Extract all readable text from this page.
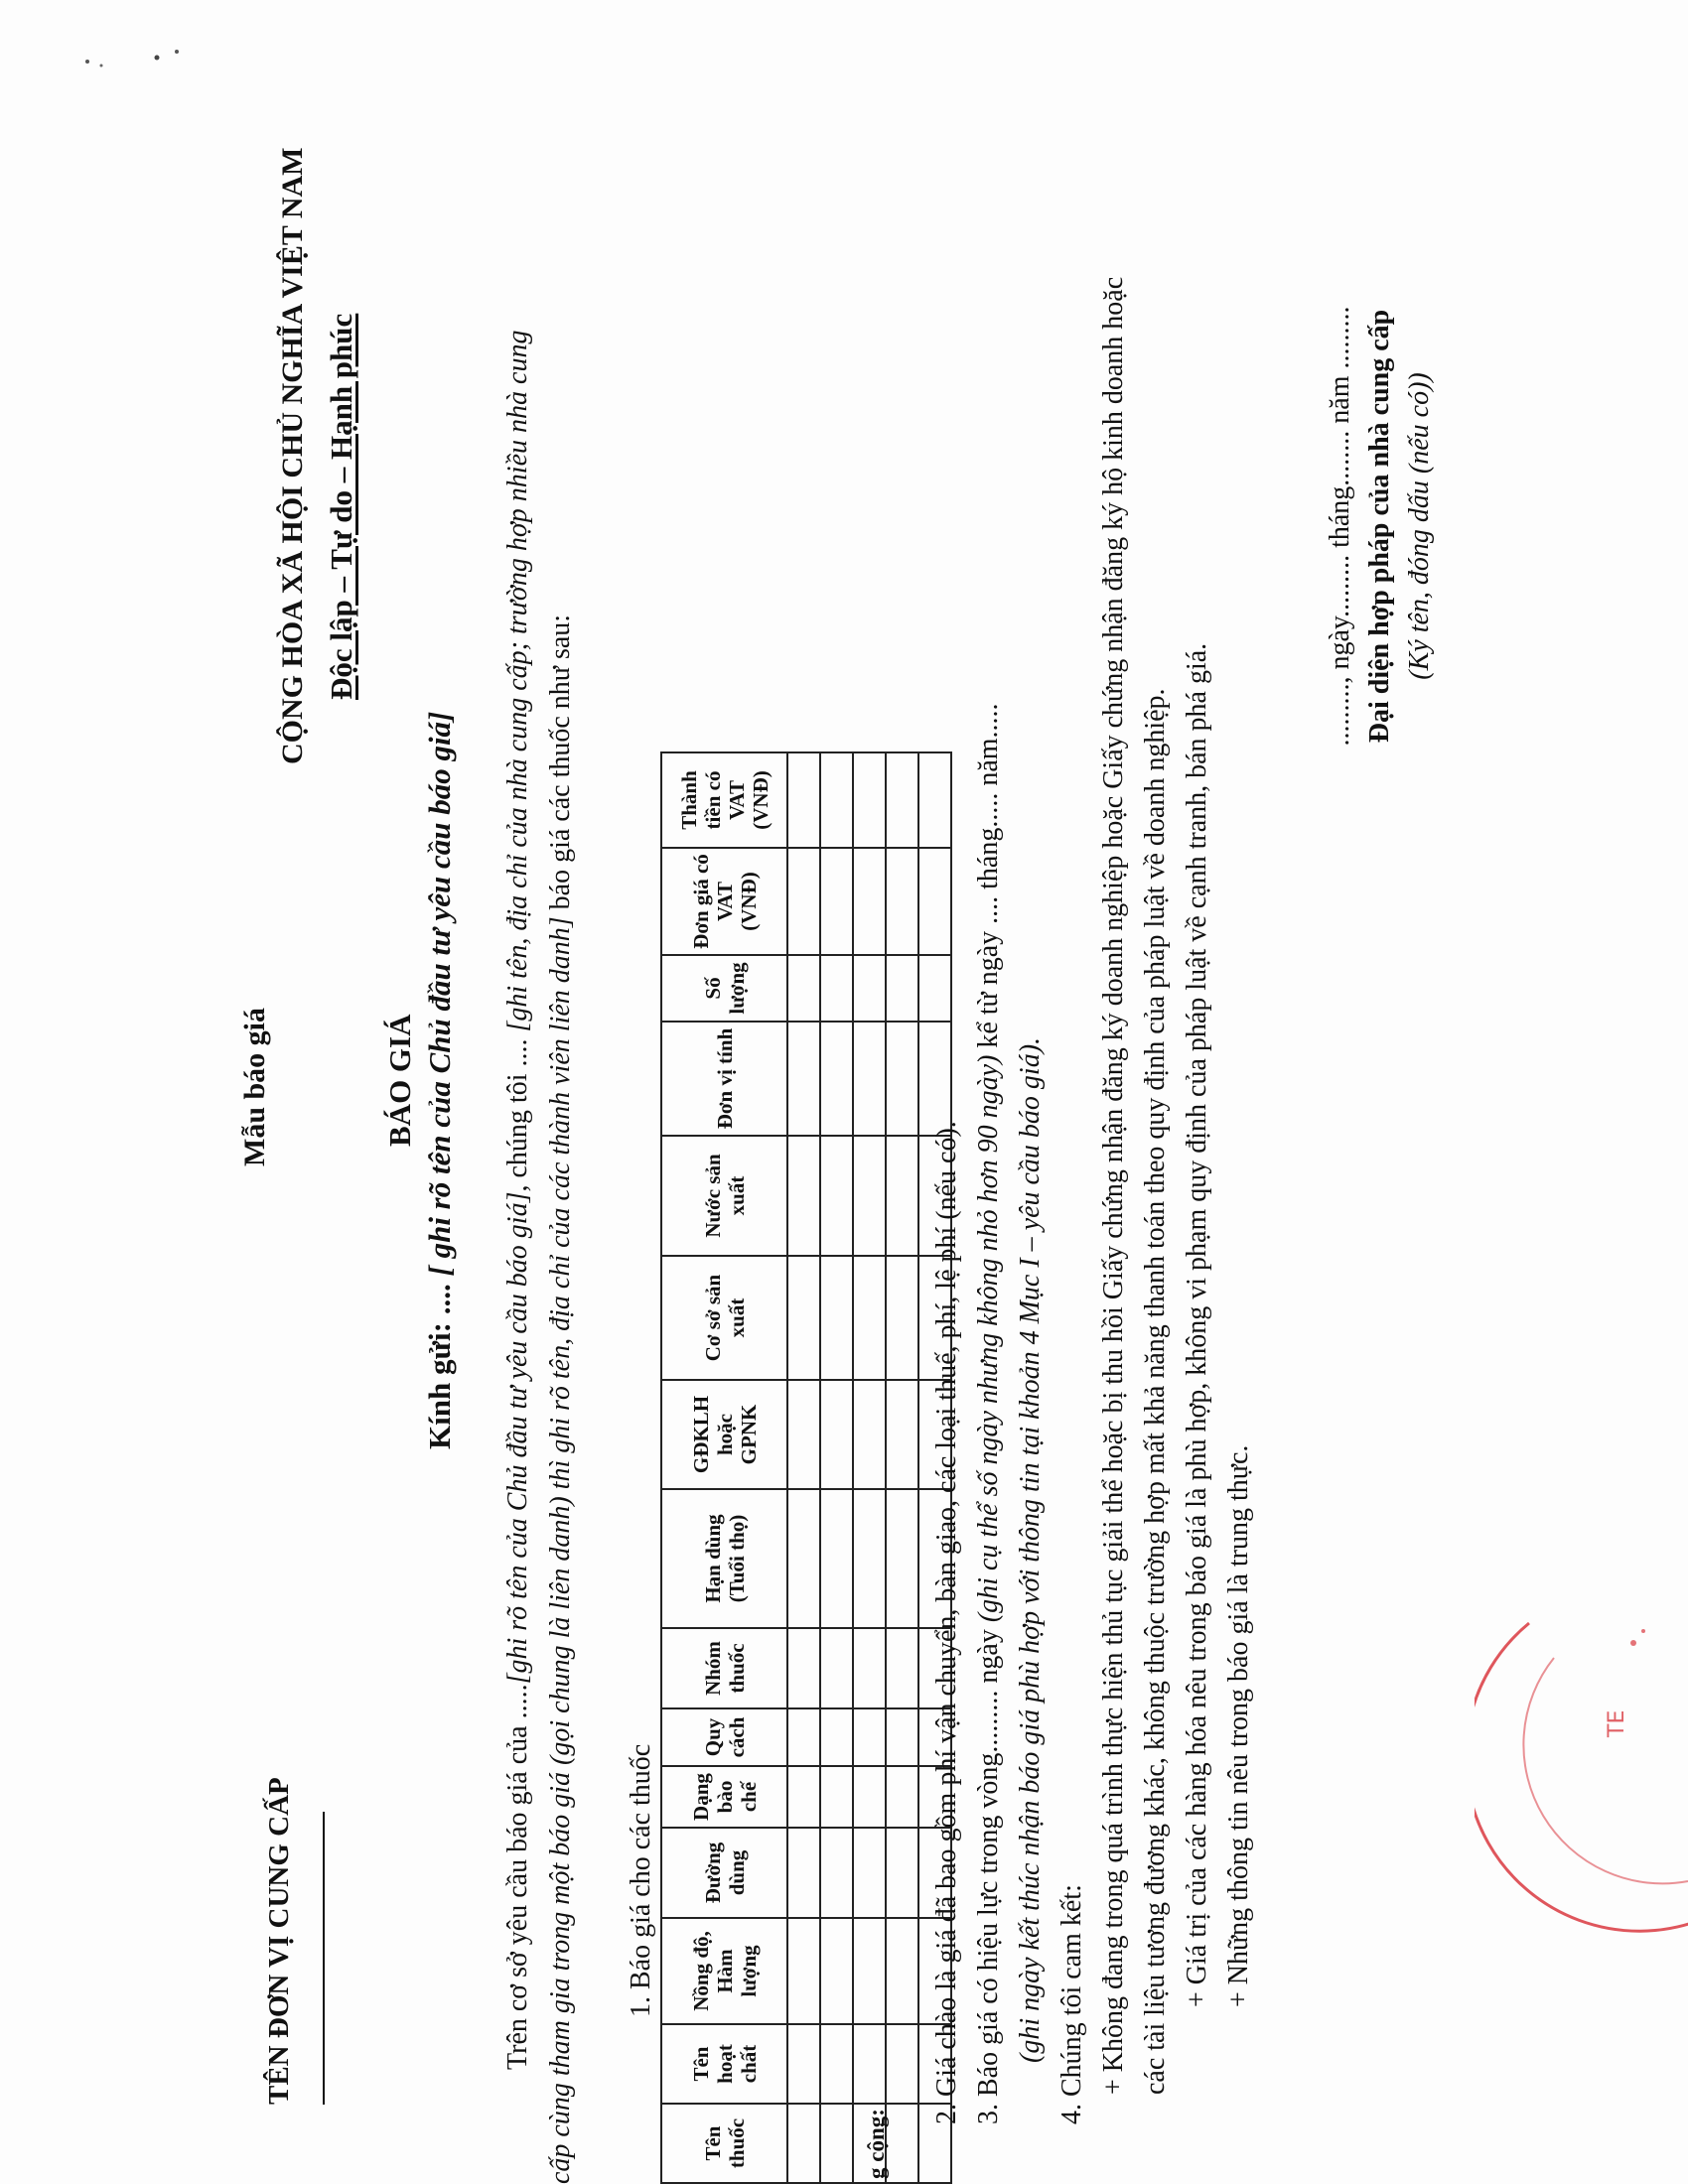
TÊN ĐƠN VỊ CUNG CẤP
Mẫu báo giá
CỘNG HÒA XÃ HỘI CHỦ NGHĨA VIỆT NAM Độc lập – Tự do – Hạnh phúc
BÁO GIÁ
Kính gửi: .... [ ghi rõ tên của Chủ đầu tư yêu cầu báo giá]

Trên cơ sở yêu cầu báo giá của .....[ghi rõ tên của Chủ đầu tư yêu cầu báo giá], chúng tôi .... [ghi tên, địa chỉ của nhà cung cấp; trường hợp nhiều nhà cung cấp cùng tham gia trong một báo giá (gọi chung là liên danh) thì ghi rõ tên, địa chỉ của các thành viên liên danh] báo giá các thuốc như sau:

1. Báo giá cho các thuốc
Tên thuốc	Tên hoạt chất	Nồng độ, Hàm lượng	Đường dùng	Dạng bào chế	Quy cách	Nhóm thuốc	Hạn dùng (Tuổi thọ)	GĐKLH hoặc GPNK	Cơ sở sản xuất	Nước sản xuất	Đơn vị tính	Số lượng	Đơn giá có VAT (VNĐ)	Thành tiền có VAT (VNĐ)

g cộng:

2. Giá chào là giá đã bao gồm phí vận chuyển, bàn giao, các loại thuế, phí, lệ phí (nếu có). 3. Báo giá có hiệu lực trong vòng......... ngày (ghi cụ thể số ngày nhưng không nhỏ hơn 90 ngày) kể từ ngày .... tháng..... năm.....

(ghi ngày kết thúc nhận báo giá phù hợp với thông tin tại khoản 4 Mục I – yêu cầu báo giá). 4. Chúng tôi cam kết: + Không đang trong quá trình thực hiện thủ tục giải thể hoặc bị thu hồi Giấy chứng nhận đăng ký doanh nghiệp hoặc Giấy chứng nhận đăng ký hộ kinh doanh hoặc các tài liệu tương đương khác, không thuộc trường hợp mất khả năng thanh toán theo quy định của pháp luật về doanh nghiệp. + Giá trị của các hàng hóa nêu trong báo giá là phù hợp, không vi phạm quy định của pháp luật về cạnh tranh, bán phá giá. + Những thông tin nêu trong báo giá là trung thực.

........., ngày......... tháng........ năm ......... Đại diện hợp pháp của nhà cung cấp (Ký tên, đóng dấu (nếu có))
TE
